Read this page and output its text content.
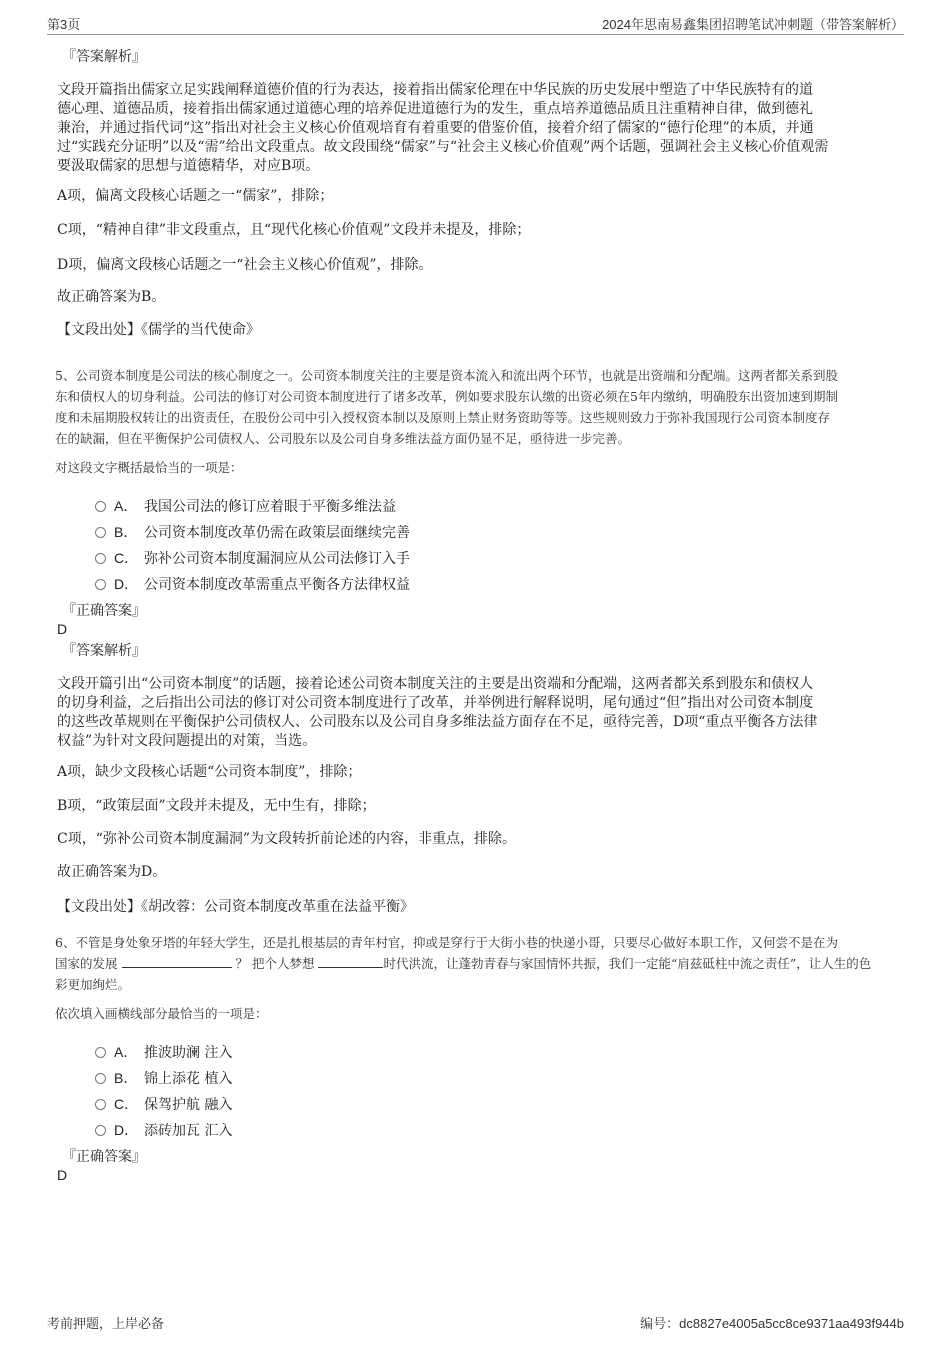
第3页	2024年思南易鑫集团招聘笔试冲刺题（带答案解析）
『答案解析』
文段开篇指出儒家立足实践阐释道德价值的行为表达，接着指出儒家伦理在中华民族的历史发展中塑造了中华民族特有的道
德心理、道德品质，接着指出儒家通过道德心理的培养促进道德行为的发生，重点培养道德品质且注重精神自律，做到德礼
兼治，并通过指代词“这”指出对社会主义核心价值观培育有着重要的借鉴价值，接着介绍了儒家的“德行伦理”的本质，并通
过“实践充分证明”以及“需”给出文段重点。故文段围绕“儒家”与“社会主义核心价值观”两个话题，强调社会主义核心价值观需
要汲取儒家的思想与道德精华，对应B项。
A项，偏离文段核心话题之一“儒家”，排除；
C项，“精神自律”非文段重点，且“现代化核心价值观”文段并未提及，排除；
D项，偏离文段核心话题之一“社会主义核心价值观”，排除。
故正确答案为B。
【文段出处】《儒学的当代使命》
5、公司资本制度是公司法的核心制度之一。公司资本制度关注的主要是资本流入和流出两个环节，也就是出资端和分配端。这两者都关系到股
东和债权人的切身利益。公司法的修订对公司资本制度进行了诸多改革，例如要求股东认缴的出资必须在5年内缴纳，明确股东出资加速到期制
度和未届期股权转让的出资责任，在股份公司中引入授权资本制以及原则上禁止财务资助等等。这些规则致力于弥补我国现行公司资本制度存
在的缺漏，但在平衡保护公司债权人、公司股东以及公司自身多维法益方面仍显不足，亟待进一步完善。
对这段文字概括最恰当的一项是：
A． 我国公司法的修订应着眼于平衡多维法益
B． 公司资本制度改革仍需在政策层面继续完善
C． 弥补公司资本制度漏洞应从公司法修订入手
D． 公司资本制度改革需重点平衡各方法律权益
『正确答案』
D
『答案解析』
文段开篇引出“公司资本制度”的话题，接着论述公司资本制度关注的主要是出资端和分配端，这两者都关系到股东和债权人
的切身利益，之后指出公司法的修订对公司资本制度进行了改革，并举例进行解释说明，尾句通过“但”指出对公司资本制度
的这些改革规则在平衡保护公司债权人、公司股东以及公司自身多维法益方面存在不足，亟待完善，D项“重点平衡各方法律
权益”为针对文段问题提出的对策，当选。
A项，缺少文段核心话题“公司资本制度”，排除；
B项，“政策层面”文段并未提及，无中生有，排除；
C项，“弥补公司资本制度漏洞”为文段转折前论述的内容，非重点，排除。
故正确答案为D。
【文段出处】《胡改蓉：公司资本制度改革重在法益平衡》
6、不管是身处象牙塔的年轻大学生，还是扎根基层的青年村官，抑或是穿行于大街小巷的快递小哥，只要尽心做好本职工作，又何尝不是在为
国家的发展	？ 把个人梦想	时代洪流，让蓬勃青春与家国情怀共振，我们一定能“肩兹砥柱中流之责任”，让人生的色
彩更加绚烂。
依次填入画横线部分最恰当的一项是：
A． 推波助澜 注入
B． 锦上添花 植入
C． 保驾护航 融入
D． 添砖加瓦 汇入
『正确答案』
D
考前押题，上岸必备	编号：dc8827e4005a5cc8ce9371aa493f944b
